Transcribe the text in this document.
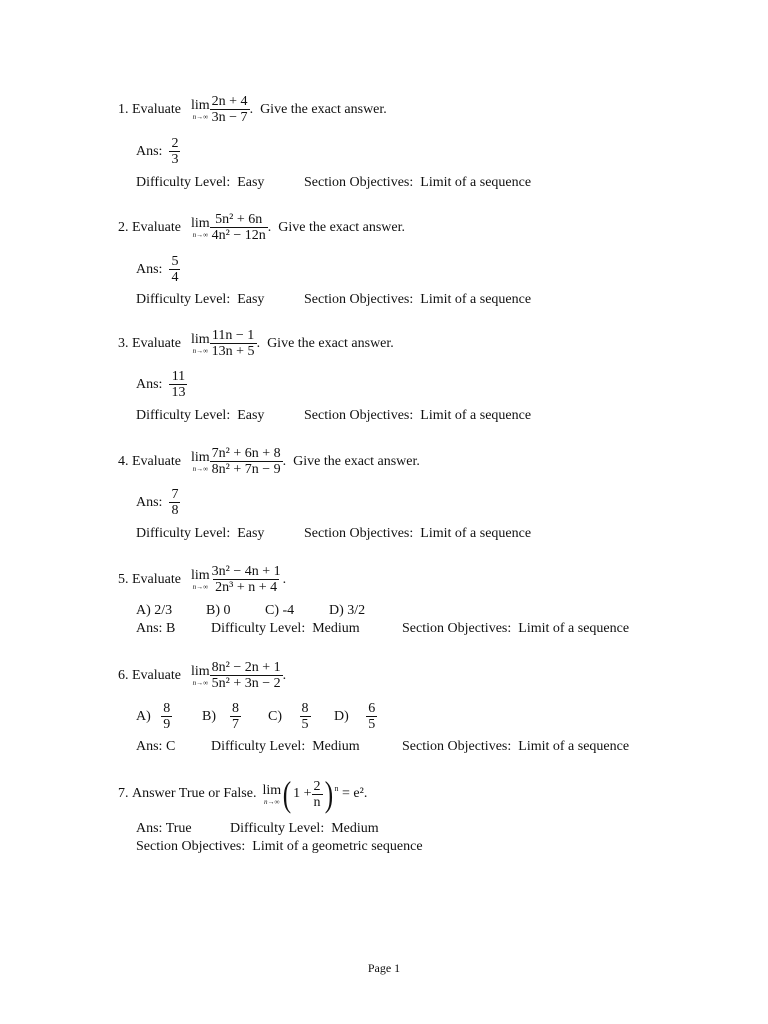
1.
Evaluate lim
$n\to\infty \frac{2n + 4}{3n - 7}$ .
Give the exact answer.
Ans:
$\frac{2}{3}$
Difficulty Level: Easy	Section Objectives: Limit of a sequence
2.
Evaluate lim
$n\to\infty \frac{\text{5n² + 6n}}{\text{4n² − 12n}}$ .
Give the exact answer.
Ans:
$\frac{5}{4}$
Difficulty Level: Easy	Section Objectives: Limit of a sequence
3.
Evaluate lim
$n\to\infty \frac{11n - 1}{13n + 5}$ .
Give the exact answer.
Ans:
$\frac{11}{13}$
Difficulty Level: Easy	Section Objectives: Limit of a sequence
4.
Evaluate lim
$n\to\infty \frac{\text{7n² + 6n + 8}}{\text{8n² + 7n − 9}}$ .
Give the exact answer.
Ans:
$\frac{7}{8}$
Difficulty Level: Easy	Section Objectives: Limit of a sequence
5.
Evaluate lim
$n\to\infty \frac{\text{3n² − 4n + 1}}{\text{2n³ + n + 4}}$ .
A) 2/3 B) 0 C) -4 D) 3/2
Ans: B	Difficulty Level: Medium	Section Objectives: Limit of a sequence
6.
Evaluate lim
$n\to\infty \frac{\text{8n² − 2n + 1}}{\text{5n² + 3n − 2}}$ .
A)
$\frac{8}{9} B$)
$\frac{8}{7} C$)
$\frac{8}{5} D$)
$\frac{6}{5}$
Ans: C	Difficulty Level: Medium	Section Objectives: Limit of a sequence
7.
Answer True or False. lim
n→∞ ( $1 + \frac{2}{n}$ ) n
= e² .
Ans: True	Difficulty Level: Medium
Section Objectives: Limit of a geometric sequence
Page 1
